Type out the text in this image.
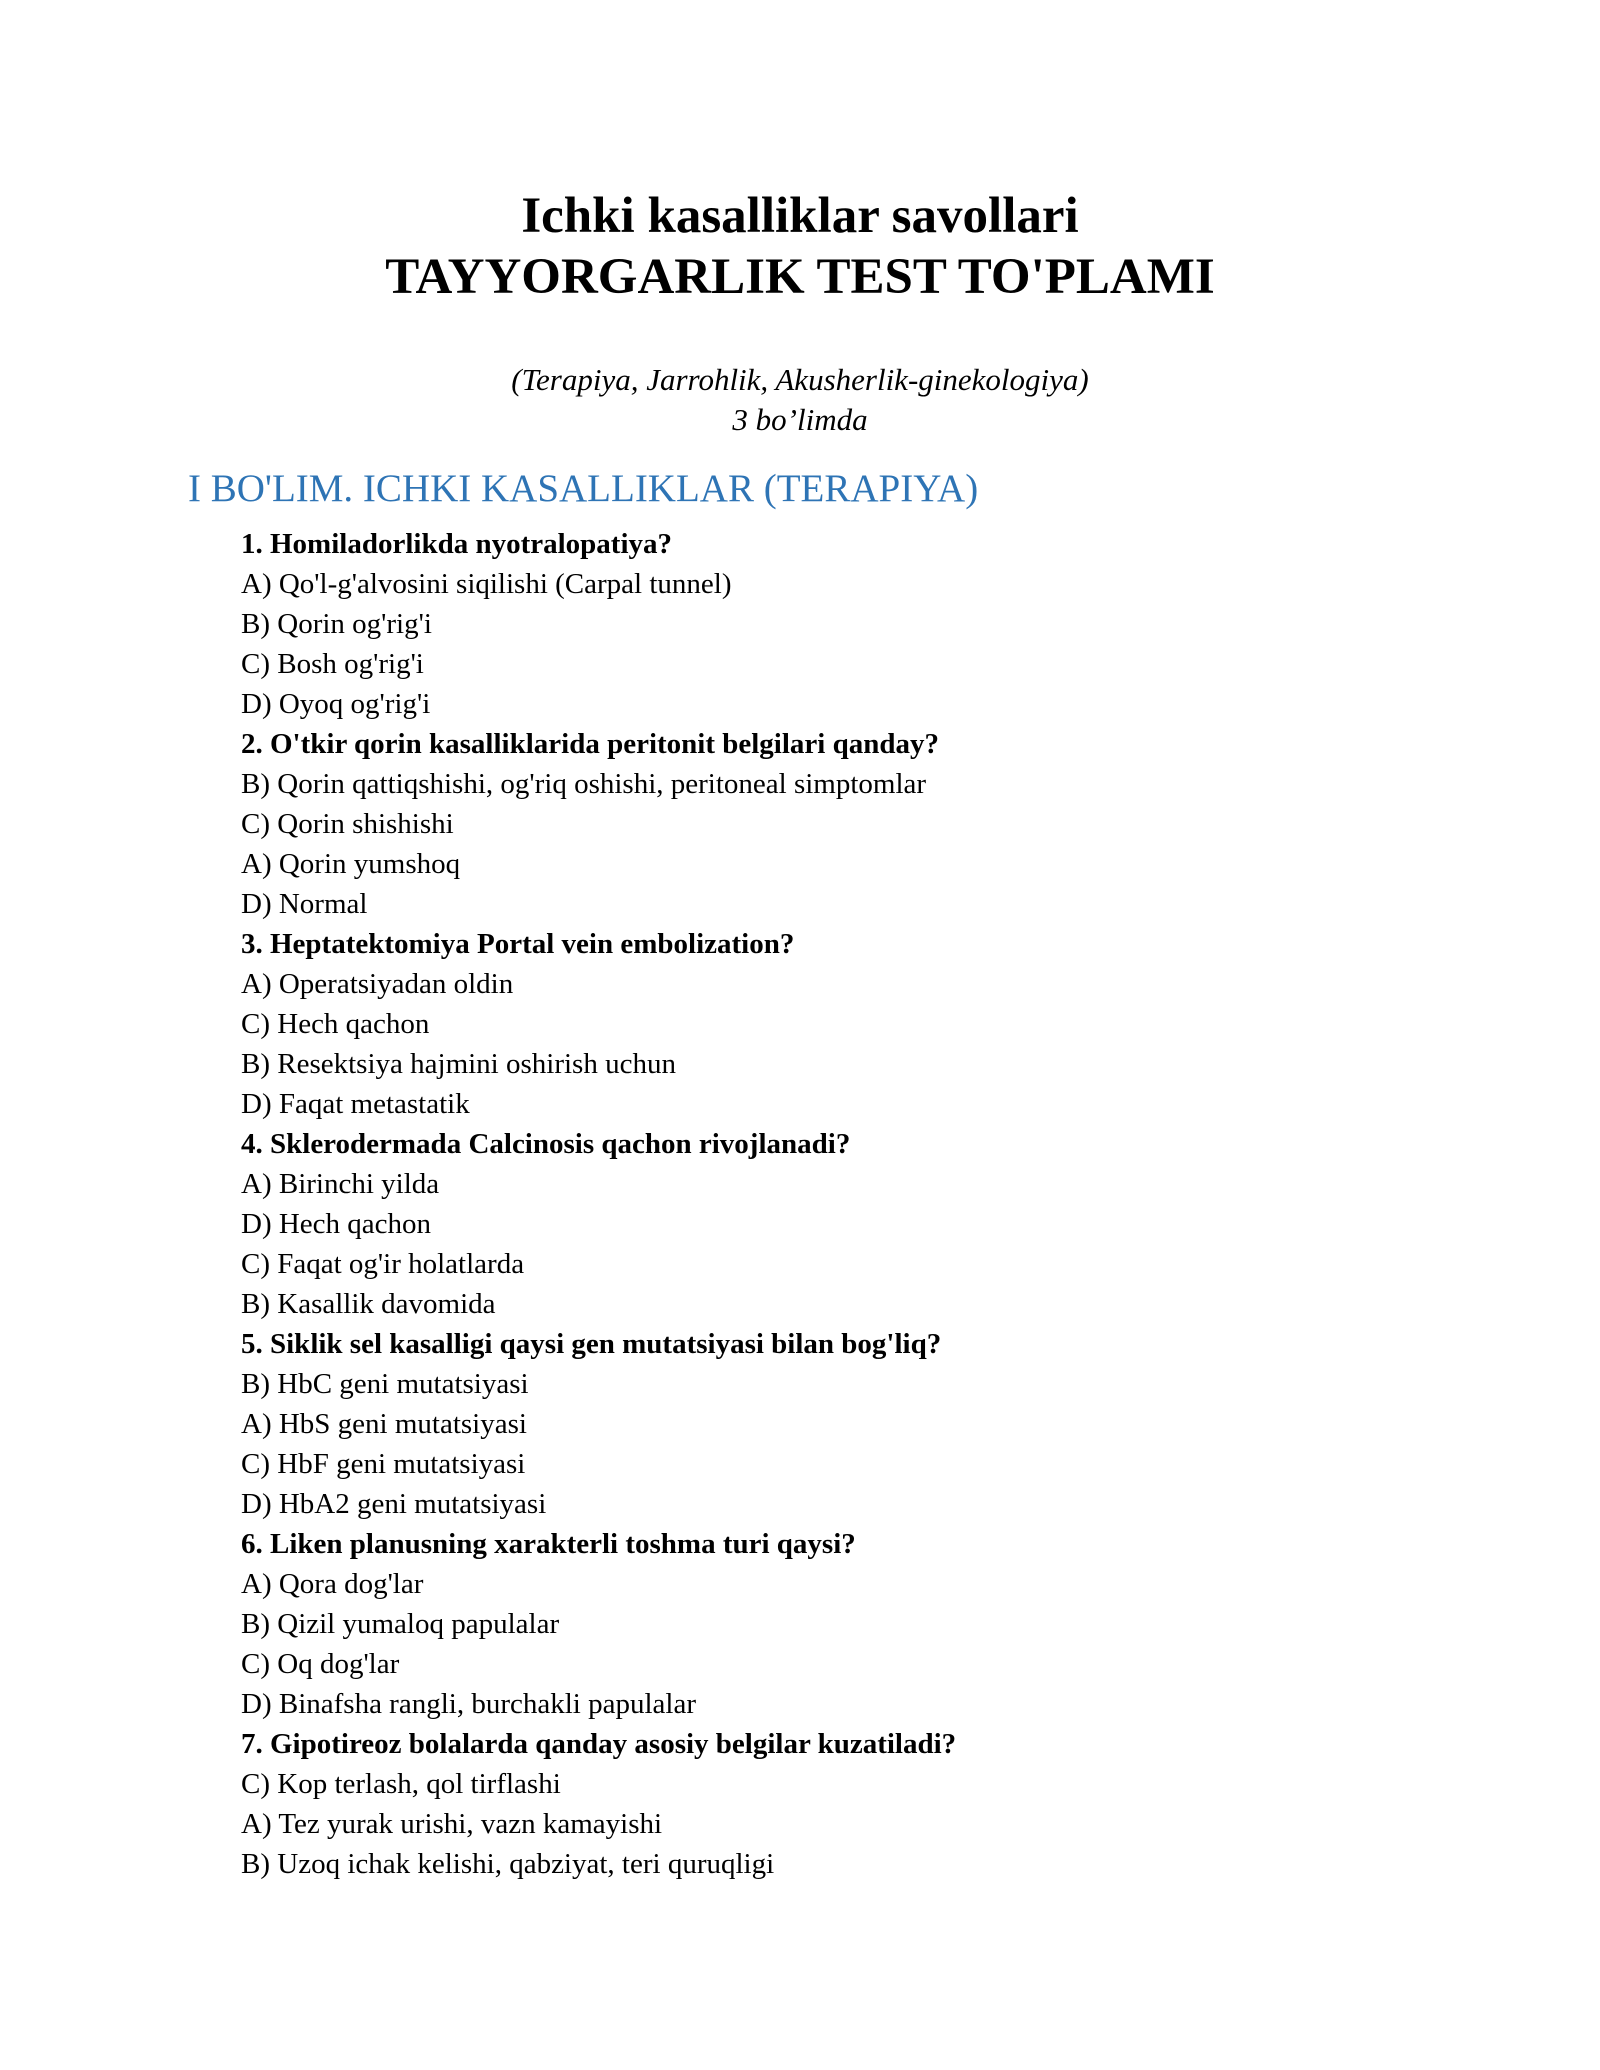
Ichki kasalliklar savollari
TAYYORGARLIK TEST TO'PLAMI
(Terapiya, Jarrohlik, Akusherlik-ginekologiya)
3 bo’limda
I BO'LIM. ICHKI KASALLIKLAR (TERAPIYA)
1. Homiladorlikda nyotralopatiya?
A) Qo'l-g'alvosini siqilishi (Carpal tunnel)
B) Qorin og'rig'i
C) Bosh og'rig'i
D) Oyoq og'rig'i
2. O'tkir qorin kasalliklarida peritonit belgilari qanday?
B) Qorin qattiqshishi, og'riq oshishi, peritoneal simptomlar
C) Qorin shishishi
A) Qorin yumshoq
D) Normal
3. Heptatektomiya Portal vein embolization?
A) Operatsiyadan oldin
C) Hech qachon
B) Resektsiya hajmini oshirish uchun
D) Faqat metastatik
4. Sklerodermada Calcinosis qachon rivojlanadi?
A) Birinchi yilda
D) Hech qachon
C) Faqat og'ir holatlarda
B) Kasallik davomida
5. Siklik sel kasalligi qaysi gen mutatsiyasi bilan bog'liq?
B) HbC geni mutatsiyasi
A) HbS geni mutatsiyasi
C) HbF geni mutatsiyasi
D) HbA2 geni mutatsiyasi
6. Liken planusning xarakterli toshma turi qaysi?
A) Qora dog'lar
B) Qizil yumaloq papulalar
C) Oq dog'lar
D) Binafsha rangli, burchakli papulalar
7. Gipotireoz bolalarda qanday asosiy belgilar kuzatiladi?
C) Kop terlash, qol tirflashi
A) Tez yurak urishi, vazn kamayishi
B) Uzoq ichak kelishi, qabziyat, teri quruqligi
